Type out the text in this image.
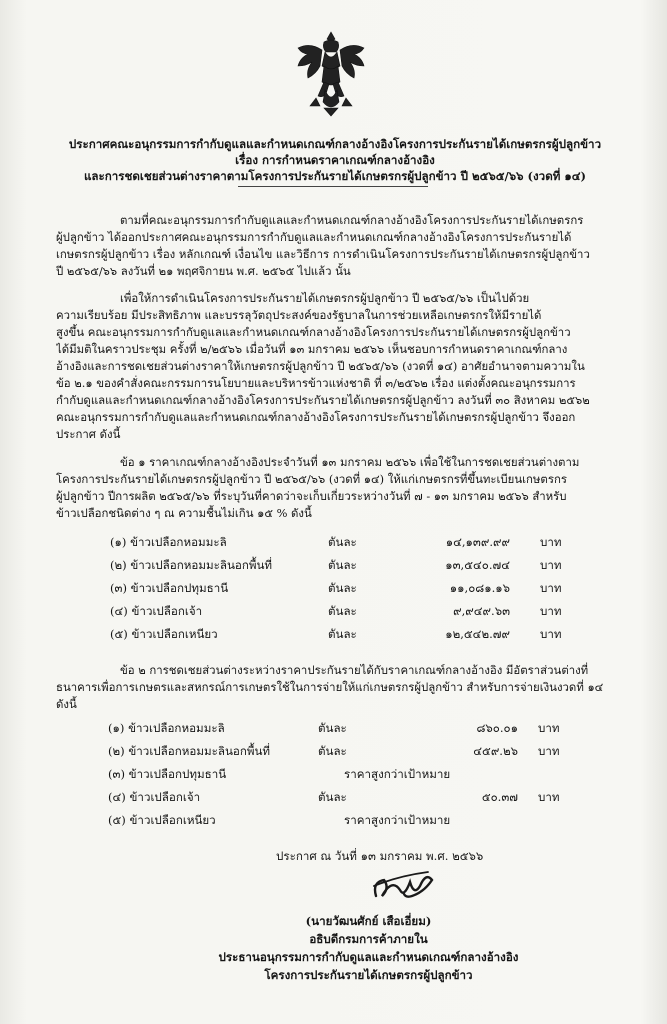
ประกาศคณะอนุกรรมการกำกับดูแลและกำหนดเกณฑ์กลางอ้างอิงโครงการประกันรายได้เกษตรกรผู้ปลูกข้าว
เรื่อง การกำหนดราคาเกณฑ์กลางอ้างอิง
และการชดเชยส่วนต่างราคาตามโครงการประกันรายได้เกษตรกรผู้ปลูกข้าว ปี ๒๕๖๕/๖๖ (งวดที่ ๑๔)
ตามที่คณะอนุกรรมการกำกับดูแลและกำหนดเกณฑ์กลางอ้างอิงโครงการประกันรายได้เกษตรกร
ผู้ปลูกข้าว ได้ออกประกาศคณะอนุกรรมการกำกับดูแลและกำหนดเกณฑ์กลางอ้างอิงโครงการประกันรายได้
เกษตรกรผู้ปลูกข้าว เรื่อง หลักเกณฑ์ เงื่อนไข และวิธีการ การดำเนินโครงการประกันรายได้เกษตรกรผู้ปลูกข้าว
ปี ๒๕๖๕/๖๖ ลงวันที่ ๒๑ พฤศจิกายน พ.ศ. ๒๕๖๕ ไปแล้ว นั้น
เพื่อให้การดำเนินโครงการประกันรายได้เกษตรกรผู้ปลูกข้าว ปี ๒๕๖๕/๖๖ เป็นไปด้วย
ความเรียบร้อย มีประสิทธิภาพ และบรรลุวัตถุประสงค์ของรัฐบาลในการช่วยเหลือเกษตรกรให้มีรายได้
สูงขึ้น คณะอนุกรรมการกำกับดูแลและกำหนดเกณฑ์กลางอ้างอิงโครงการประกันรายได้เกษตรกรผู้ปลูกข้าว
ได้มีมติในคราวประชุม ครั้งที่ ๒/๒๕๖๖ เมื่อวันที่ ๑๓ มกราคม ๒๕๖๖ เห็นชอบการกำหนดราคาเกณฑ์กลาง
อ้างอิงและการชดเชยส่วนต่างราคาให้เกษตรกรผู้ปลูกข้าว ปี ๒๕๖๕/๖๖ (งวดที่ ๑๔) อาศัยอำนาจตามความใน
ข้อ ๒.๑ ของคำสั่งคณะกรรมการนโยบายและบริหารข้าวแห่งชาติ ที่ ๓/๒๕๖๒ เรื่อง แต่งตั้งคณะอนุกรรมการ
กำกับดูแลและกำหนดเกณฑ์กลางอ้างอิงโครงการประกันรายได้เกษตรกรผู้ปลูกข้าว ลงวันที่ ๓๐ สิงหาคม ๒๕๖๒
คณะอนุกรรมการกำกับดูแลและกำหนดเกณฑ์กลางอ้างอิงโครงการประกันรายได้เกษตรกรผู้ปลูกข้าว จึงออก
ประกาศ ดังนี้
ข้อ ๑ ราคาเกณฑ์กลางอ้างอิงประจำวันที่ ๑๓ มกราคม ๒๕๖๖ เพื่อใช้ในการชดเชยส่วนต่างตาม
โครงการประกันรายได้เกษตรกรผู้ปลูกข้าว ปี ๒๕๖๕/๖๖ (งวดที่ ๑๔) ให้แก่เกษตรกรที่ขึ้นทะเบียนเกษตรกร
ผู้ปลูกข้าว ปีการผลิต ๒๕๖๕/๖๖ ที่ระบุวันที่คาดว่าจะเก็บเกี่ยวระหว่างวันที่ ๗ - ๑๓ มกราคม ๒๕๖๖ สำหรับ
ข้าวเปลือกชนิดต่าง ๆ ณ ความชื้นไม่เกิน ๑๕ % ดังนี้
(๑) ข้าวเปลือกหอมมะลิ	ตันละ	๑๔,๑๓๙.๙๙	บาท
(๒) ข้าวเปลือกหอมมะลินอกพื้นที่	ตันละ	๑๓,๕๔๐.๗๔	บาท
(๓) ข้าวเปลือกปทุมธานี	ตันละ	๑๑,๐๘๑.๑๖	บาท
(๔) ข้าวเปลือกเจ้า	ตันละ	๙,๙๔๙.๖๓	บาท
(๕) ข้าวเปลือกเหนียว	ตันละ	๑๒,๕๔๒.๗๙	บาท
ข้อ ๒ การชดเชยส่วนต่างระหว่างราคาประกันรายได้กับราคาเกณฑ์กลางอ้างอิง มีอัตราส่วนต่างที่
ธนาคารเพื่อการเกษตรและสหกรณ์การเกษตรใช้ในการจ่ายให้แก่เกษตรกรผู้ปลูกข้าว สำหรับการจ่ายเงินงวดที่ ๑๔
ดังนี้
(๑) ข้าวเปลือกหอมมะลิ	ตันละ	๘๖๐.๐๑ บาท
(๒) ข้าวเปลือกหอมมะลินอกพื้นที่	ตันละ	๔๕๙.๒๖ บาท
(๓) ข้าวเปลือกปทุมธานี	ราคาสูงกว่าเป้าหมาย
(๔) ข้าวเปลือกเจ้า	ตันละ	๕๐.๓๗ บาท
(๕) ข้าวเปลือกเหนียว	ราคาสูงกว่าเป้าหมาย
ประกาศ ณ วันที่ ๑๓ มกราคม พ.ศ. ๒๕๖๖
(นายวัฒนศักย์ เสือเอี่ยม)
อธิบดีกรมการค้าภายใน
ประธานอนุกรรมการกำกับดูแลและกำหนดเกณฑ์กลางอ้างอิง
โครงการประกันรายได้เกษตรกรผู้ปลูกข้าว
